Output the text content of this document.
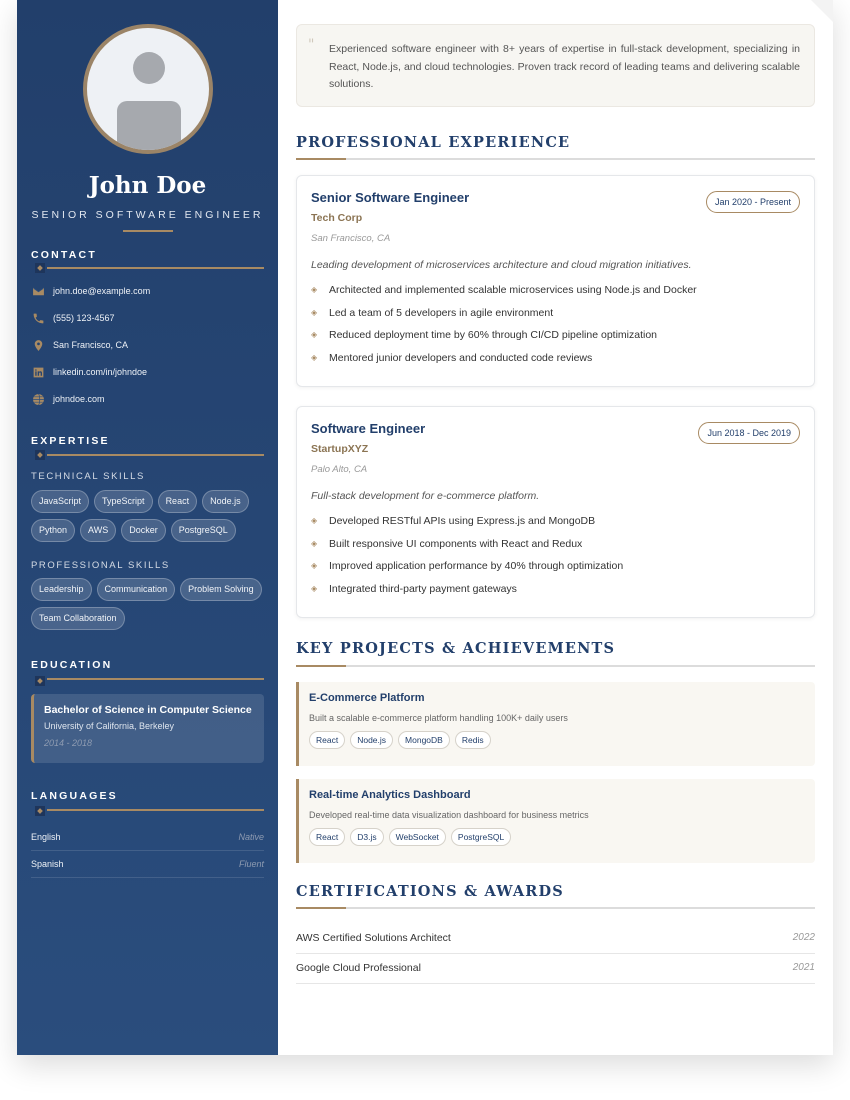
John Doe
SENIOR SOFTWARE ENGINEER
CONTACT
john.doe@example.com
(555) 123-4567
San Francisco, CA
linkedin.com/in/johndoe
johndoe.com
EXPERTISE
TECHNICAL SKILLS
JavaScript	TypeScript	React	Node.js
Python	AWS	Docker	PostgreSQL
PROFESSIONAL SKILLS
Leadership	Communication	Problem Solving
Team Collaboration
EDUCATION
Bachelor of Science in Computer Science
University of California, Berkeley
2014 - 2018
LANGUAGES
English	Native
Spanish	Fluent
" Experienced software engineer with 8+ years of expertise in full-stack development, specializing in React, Node.js, and cloud technologies. Proven track record of leading teams and delivering scalable solutions.
PROFESSIONAL EXPERIENCE
Senior Software Engineer
Tech Corp
San Francisco, CA
Jan 2020 - Present
Leading development of microservices architecture and cloud migration initiatives.
◈	Architected and implemented scalable microservices using Node.js and Docker
◈	Led a team of 5 developers in agile environment
◈	Reduced deployment time by 60% through CI/CD pipeline optimization
◈	Mentored junior developers and conducted code reviews
Software Engineer
StartupXYZ
Palo Alto, CA
Jun 2018 - Dec 2019
Full-stack development for e-commerce platform.
◈	Developed RESTful APIs using Express.js and MongoDB
◈	Built responsive UI components with React and Redux
◈	Improved application performance by 40% through optimization
◈	Integrated third-party payment gateways
KEY PROJECTS & ACHIEVEMENTS
E-Commerce Platform
Built a scalable e-commerce platform handling 100K+ daily users
React	Node.js	MongoDB	Redis
Real-time Analytics Dashboard
Developed real-time data visualization dashboard for business metrics
React	D3.js	WebSocket	PostgreSQL
CERTIFICATIONS & AWARDS
AWS Certified Solutions Architect	2022
Google Cloud Professional	2021
